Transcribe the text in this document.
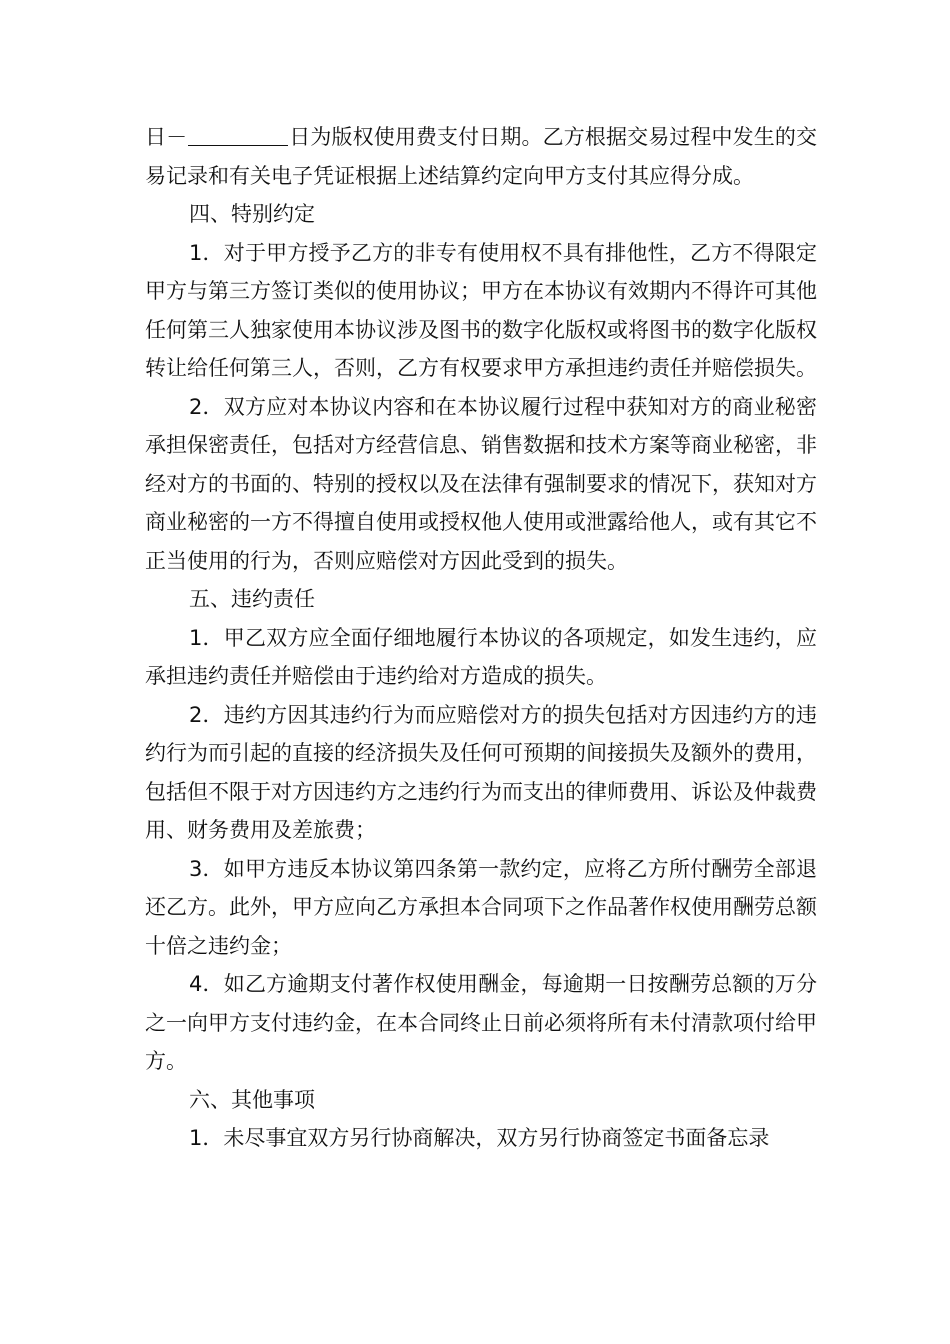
日－	日为版权使用费支付日期。乙方根据交易过程中发生的交易记录和有关电子凭证根据上述结算约定向甲方支付其应得分成。

四、特别约定

1．对于甲方授予乙方的非专有使用权不具有排他性，乙方不得限定甲方与第三方签订类似的使用协议；甲方在本协议有效期内不得许可其他任何第三人独家使用本协议涉及图书的数字化版权或将图书的数字化版权转让给任何第三人，否则，乙方有权要求甲方承担违约责任并赔偿损失。

2．双方应对本协议内容和在本协议履行过程中获知对方的商业秘密承担保密责任，包括对方经营信息、销售数据和技术方案等商业秘密，非经对方的书面的、特别的授权以及在法律有强制要求的情况下，获知对方商业秘密的一方不得擅自使用或授权他人使用或泄露给他人，或有其它不正当使用的行为，否则应赔偿对方因此受到的损失。

五、违约责任

1．甲乙双方应全面仔细地履行本协议的各项规定，如发生违约，应承担违约责任并赔偿由于违约给对方造成的损失。

2．违约方因其违约行为而应赔偿对方的损失包括对方因违约方的违约行为而引起的直接的经济损失及任何可预期的间接损失及额外的费用，包括但不限于对方因违约方之违约行为而支出的律师费用、诉讼及仲裁费用、财务费用及差旅费；

3．如甲方违反本协议第四条第一款约定，应将乙方所付酬劳全部退还乙方。此外，甲方应向乙方承担本合同项下之作品著作权使用酬劳总额十倍之违约金；

4．如乙方逾期支付著作权使用酬金，每逾期一日按酬劳总额的万分之一向甲方支付违约金，在本合同终止日前必须将所有未付清款项付给甲方。

六、其他事项

1．未尽事宜双方另行协商解决，双方另行协商签定书面备忘录
